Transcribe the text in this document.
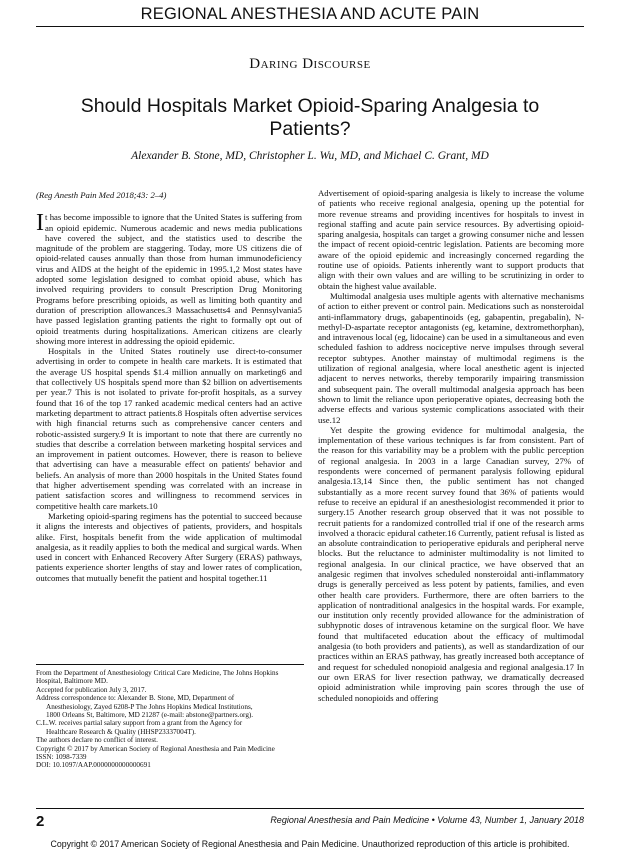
REGIONAL ANESTHESIA AND ACUTE PAIN
Daring Discourse
Should Hospitals Market Opioid-Sparing Analgesia to Patients?
Alexander B. Stone, MD, Christopher L. Wu, MD, and Michael C. Grant, MD

(Reg Anesth Pain Med 2018;43: 2–4)

It has become impossible to ignore that the United States is suffering from an opioid epidemic. Numerous academic and news media publications have covered the subject, and the statistics used to describe the magnitude of the problem are staggering. Today, more US citizens die of opioid-related causes annually than those from human immunodeficiency virus and AIDS at the height of the epidemic in 1995.1,2 Most states have adopted some legislation designed to combat opioid abuse, which has involved requiring providers to consult Prescription Drug Monitoring Programs before prescribing opioids, as well as limiting both quantity and duration of prescription allowances.3 Massachusetts4 and Pennsylvania5 have passed legislation granting patients the right to formally opt out of opioid treatments during hospitalizations. American citizens are clearly showing more interest in addressing the opioid epidemic.

Hospitals in the United States routinely use direct-to-consumer advertising in order to compete in health care markets. It is estimated that the average US hospital spends $1.4 million annually on marketing6 and that collectively US hospitals spend more than $2 billion on advertisements per year.7 This is not isolated to private for-profit hospitals, as a survey found that 16 of the top 17 ranked academic medical centers had an active marketing department to attract patients.8 Hospitals often advertise services with high financial returns such as comprehensive cancer centers and robotic-assisted surgery.9 It is important to note that there are currently no studies that describe a correlation between marketing hospital services and an improvement in patient outcomes. However, there is reason to believe that advertising can have a measurable effect on patients' behavior and beliefs. An analysis of more than 2000 hospitals in the United States found that higher advertisement spending was correlated with an increase in patient satisfaction scores and willingness to recommend services in competitive health care markets.10

Marketing opioid-sparing regimens has the potential to succeed because it aligns the interests and objectives of patients, providers, and hospitals alike. First, hospitals benefit from the wide application of multimodal analgesia, as it readily applies to both the medical and surgical wards. When used in concert with Enhanced Recovery After Surgery (ERAS) pathways, patients experience shorter lengths of stay and lower rates of complication, outcomes that mutually benefit the patient and hospital together.11

Advertisement of opioid-sparing analgesia is likely to increase the volume of patients who receive regional analgesia, opening up the potential for more revenue streams and providing incentives for hospitals to invest in regional staffing and acute pain service resources. By advertising opioid-sparing analgesia, hospitals can target a growing consumer niche and lessen the impact of recent opioid-centric legislation. Patients are becoming more aware of the opioid epidemic and increasingly concerned regarding the routine use of opioids. Patients inherently want to support products that align with their own values and are willing to be scrutinizing in order to obtain the highest value available.

Multimodal analgesia uses multiple agents with alternative mechanisms of action to either prevent or control pain. Medications such as nonsteroidal anti-inflammatory drugs, gabapentinoids (eg, gabapentin, pregabalin), N-methyl-D-aspartate receptor antagonists (eg, ketamine, dextromethorphan), and intravenous local (eg, lidocaine) can be used in a simultaneous and even scheduled fashion to address nociceptive nerve impulses through several receptor subtypes. Another mainstay of multimodal regimens is the utilization of regional analgesia, where local anesthetic agent is injected adjacent to nerves networks, thereby temporarily impairing transmission and subsequent pain. The overall multimodal analgesia approach has been shown to limit the reliance upon perioperative opiates, decreasing both the adverse effects and various systemic complications associated with their use.12

Yet despite the growing evidence for multimodal analgesia, the implementation of these various techniques is far from consistent. Part of the reason for this variability may be a problem with the public perception of regional analgesia. In 2003 in a large Canadian survey, 27% of respondents were concerned of permanent paralysis following epidural analgesia.13,14 Since then, the public sentiment has not changed substantially as a more recent survey found that 36% of patients would refuse to receive an epidural if an anesthesiologist recommended it prior to surgery.15 Another research group observed that it was not possible to recruit patients for a randomized controlled trial if one of the research arms involved a thoracic epidural catheter.16 Currently, patient refusal is listed as an absolute contraindication to perioperative epidurals and peripheral nerve blocks. But the reluctance to administer multimodality is not limited to regional analgesia. In our clinical practice, we have observed that an analgesic regimen that involves scheduled nonsteroidal anti-inflammatory drugs is generally perceived as less potent by patients, families, and even other health care providers. Furthermore, there are often barriers to the application of nontraditional analgesics in the hospital wards. For example, our institution only recently provided allowance for the administration of subhypnotic doses of intravenous ketamine on the surgical floor. We have found that multifaceted education about the efficacy of multimodal analgesia (to both providers and patients), as well as standardization of our practices within an ERAS pathway, has greatly increased both acceptance of and request for scheduled nonopioid analgesia and regional analgesia.17 In our own ERAS for liver resection pathway, we dramatically decreased opioid administration while improving pain scores through the use of scheduled nonopioids and offering

From the Department of Anesthesiology Critical Care Medicine, The Johns Hopkins Hospital, Baltimore MD.
Accepted for publication July 3, 2017.
Address correspondence to: Alexander B. Stone, MD, Department of
Anesthesiology, Zayed 6208-P The Johns Hopkins Medical Institutions,
1800 Orleans St, Baltimore, MD 21287 (e-mail: abstone@partners.org).
C.L.W. receives partial salary support from a grant from the Agency for
Healthcare Research & Quality (HHSP23337004T).
The authors declare no conflict of interest.
Copyright © 2017 by American Society of Regional Anesthesia and Pain Medicine
ISSN: 1098-7339
DOI: 10.1097/AAP.0000000000000691
2	Regional Anesthesia and Pain Medicine • Volume 43, Number 1, January 2018
Copyright © 2017 American Society of Regional Anesthesia and Pain Medicine. Unauthorized reproduction of this article is prohibited.
